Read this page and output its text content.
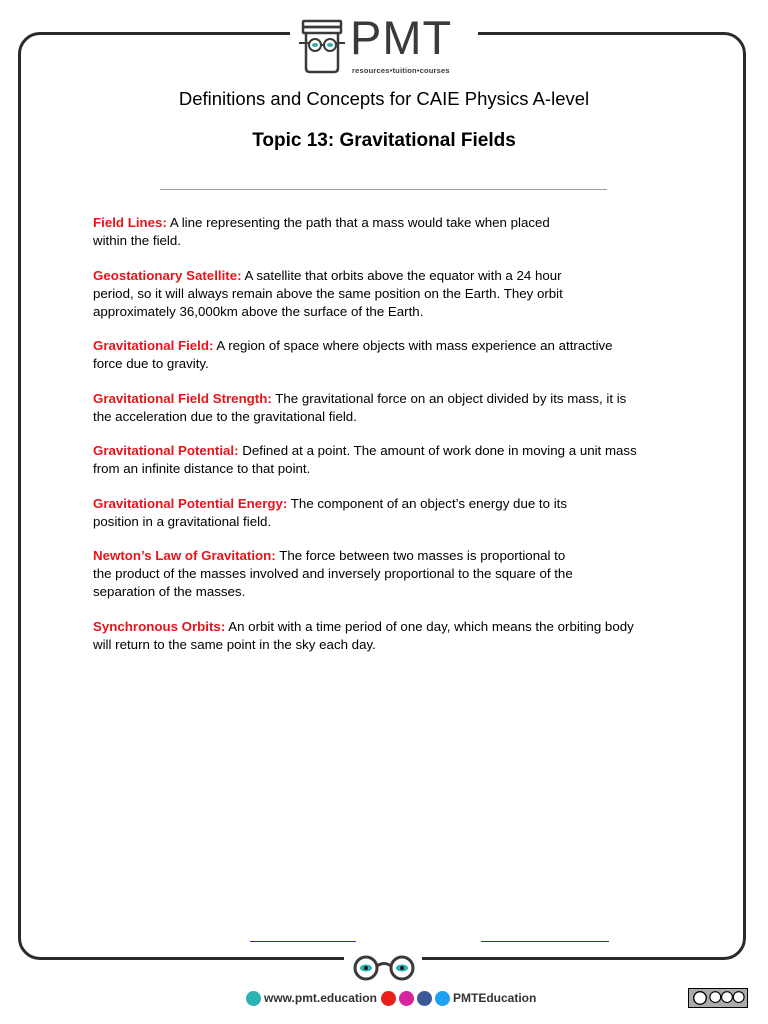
PMT
resources•tuition•courses
Definitions and Concepts for CAIE Physics A-level
Topic 13: Gravitational Fields

Field Lines: A line representing the path that a mass would take when placed
within the field.

Geostationary Satellite: A satellite that orbits above the equator with a 24 hour
period, so it will always remain above the same position on the Earth. They orbit
approximately 36,000km above the surface of the Earth.

Gravitational Field: A region of space where objects with mass experience an attractive
force due to gravity.

Gravitational Field Strength: The gravitational force on an object divided by its mass, it is
the acceleration due to the gravitational field.

Gravitational Potential: Defined at a point. The amount of work done in moving a unit mass
from an infinite distance to that point.

Gravitational Potential Energy: The component of an object’s energy due to its
position in a gravitational field.

Newton’s Law of Gravitation: The force between two masses is proportional to
the product of the masses involved and inversely proportional to the square of the
separation of the masses.

Synchronous Orbits: An orbit with a time period of one day, which means the orbiting body
will return to the same point in the sky each day.

www.pmt.education	PMTEducation
